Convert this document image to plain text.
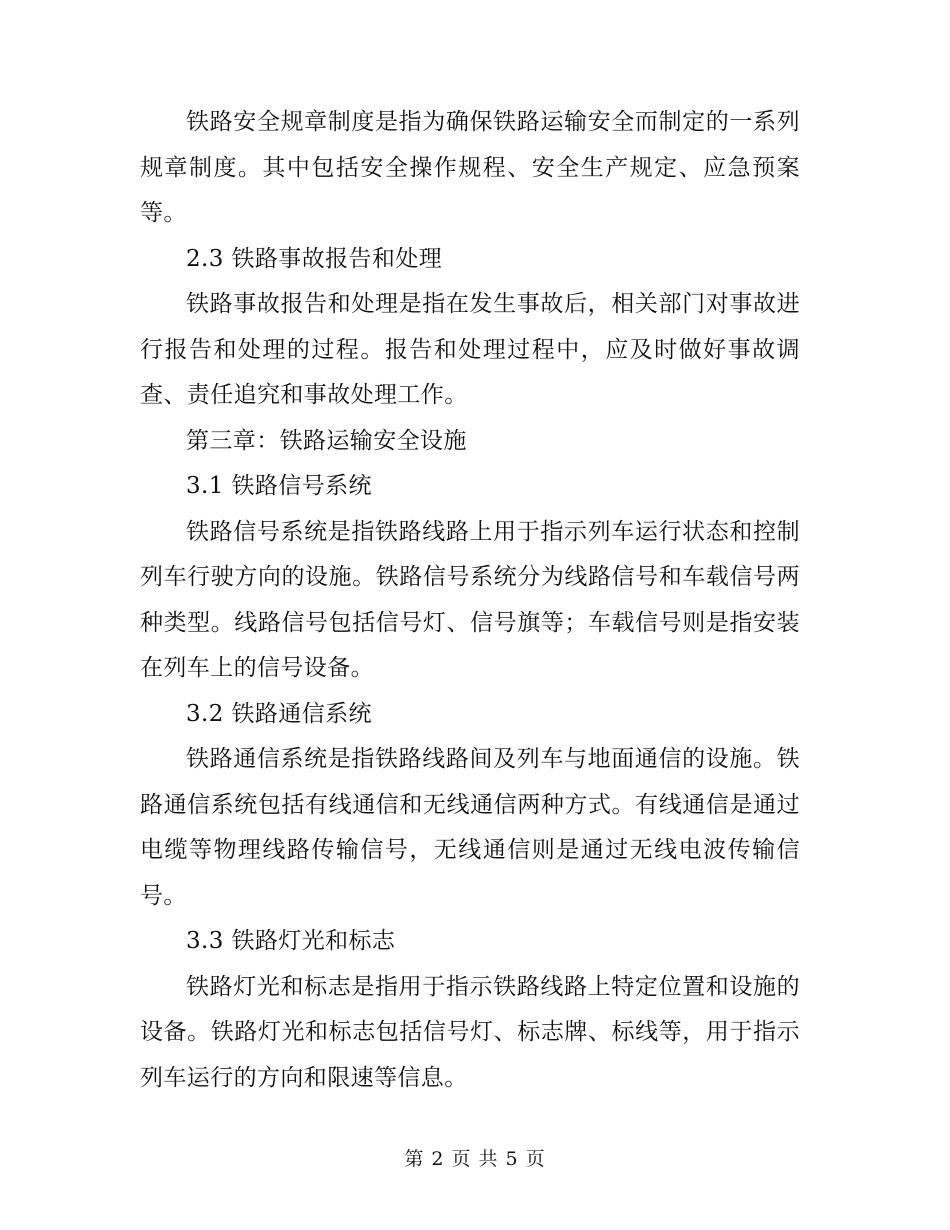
铁路安全规章制度是指为确保铁路运输安全而制定的一系列规章制度。其中包括安全操作规程、安全生产规定、应急预案等。

2.3 铁路事故报告和处理

铁路事故报告和处理是指在发生事故后，相关部门对事故进行报告和处理的过程。报告和处理过程中，应及时做好事故调查、责任追究和事故处理工作。

第三章：铁路运输安全设施

3.1 铁路信号系统

铁路信号系统是指铁路线路上用于指示列车运行状态和控制列车行驶方向的设施。铁路信号系统分为线路信号和车载信号两种类型。线路信号包括信号灯、信号旗等；车载信号则是指安装在列车上的信号设备。

3.2 铁路通信系统

铁路通信系统是指铁路线路间及列车与地面通信的设施。铁路通信系统包括有线通信和无线通信两种方式。有线通信是通过电缆等物理线路传输信号，无线通信则是通过无线电波传输信号。

3.3 铁路灯光和标志

铁路灯光和标志是指用于指示铁路线路上特定位置和设施的设备。铁路灯光和标志包括信号灯、标志牌、标线等，用于指示列车运行的方向和限速等信息。

第 2 页 共 5 页
